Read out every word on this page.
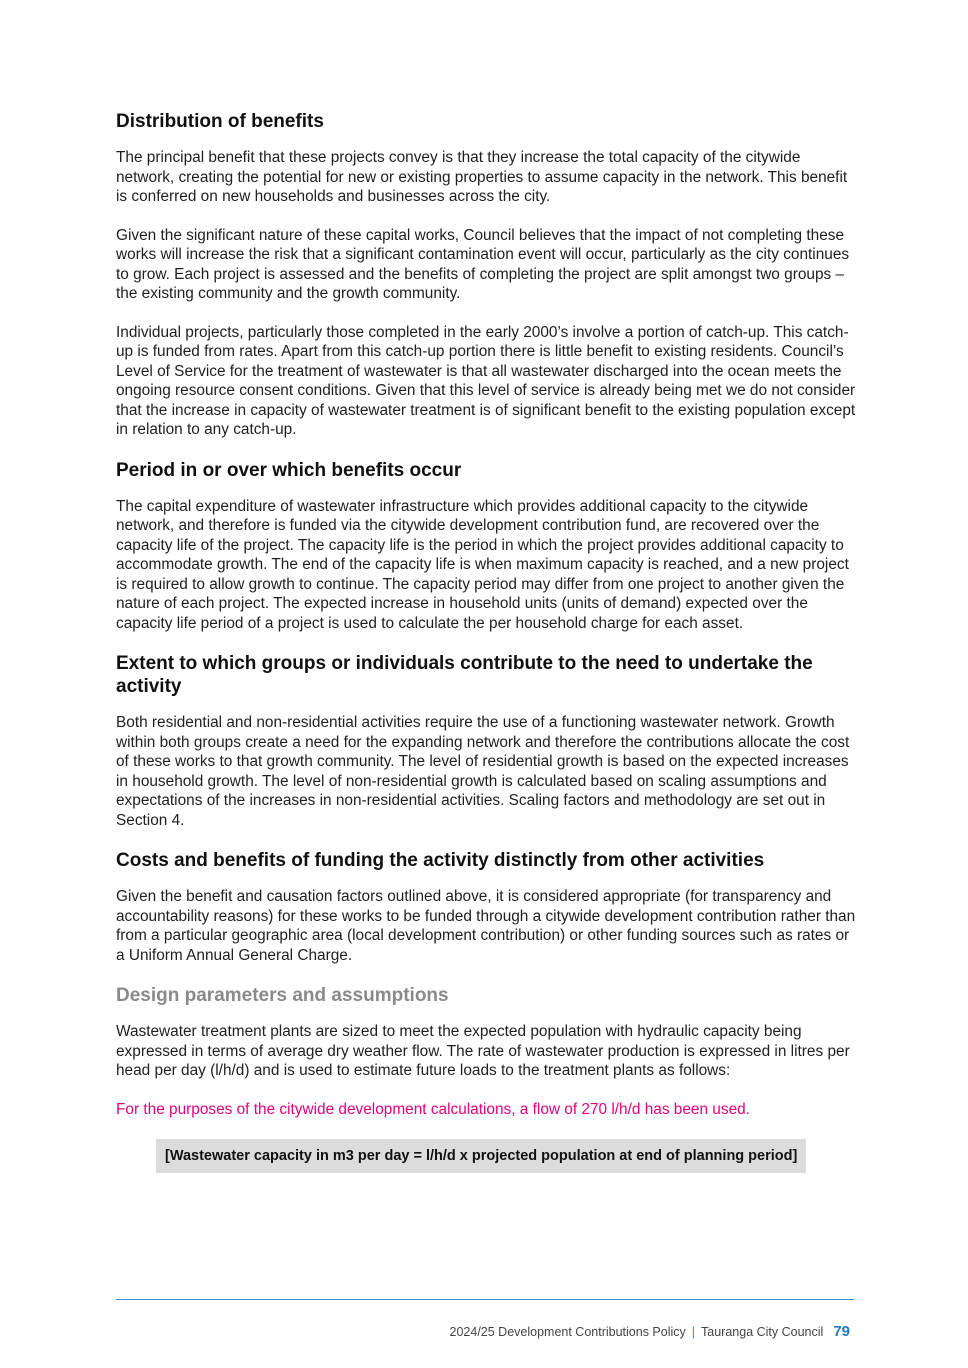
Distribution of benefits

The principal benefit that these projects convey is that they increase the total capacity of the citywide network, creating the potential for new or existing properties to assume capacity in the network. This benefit is conferred on new households and businesses across the city.

Given the significant nature of these capital works, Council believes that the impact of not completing these works will increase the risk that a significant contamination event will occur, particularly as the city continues to grow. Each project is assessed and the benefits of completing the project are split amongst two groups – the existing community and the growth community.

Individual projects, particularly those completed in the early 2000’s involve a portion of catch-up. This catch-up is funded from rates. Apart from this catch-up portion there is little benefit to existing residents. Council’s Level of Service for the treatment of wastewater is that all wastewater discharged into the ocean meets the ongoing resource consent conditions. Given that this level of service is already being met we do not consider that the increase in capacity of wastewater treatment is of significant benefit to the existing population except in relation to any catch-up.

Period in or over which benefits occur

The capital expenditure of wastewater infrastructure which provides additional capacity to the citywide network, and therefore is funded via the citywide development contribution fund, are recovered over the capacity life of the project. The capacity life is the period in which the project provides additional capacity to accommodate growth. The end of the capacity life is when maximum capacity is reached, and a new project is required to allow growth to continue. The capacity period may differ from one project to another given the nature of each project. The expected increase in household units (units of demand) expected over the capacity life period of a project is used to calculate the per household charge for each asset.

Extent to which groups or individuals contribute to the need to undertake the activity

Both residential and non-residential activities require the use of a functioning wastewater network. Growth within both groups create a need for the expanding network and therefore the contributions allocate the cost of these works to that growth community. The level of residential growth is based on the expected increases in household growth. The level of non-residential growth is calculated based on scaling assumptions and expectations of the increases in non-residential activities. Scaling factors and methodology are set out in Section 4.

Costs and benefits of funding the activity distinctly from other activities

Given the benefit and causation factors outlined above, it is considered appropriate (for transparency and accountability reasons) for these works to be funded through a citywide development contribution rather than from a particular geographic area (local development contribution) or other funding sources such as rates or a Uniform Annual General Charge.

Design parameters and assumptions

Wastewater treatment plants are sized to meet the expected population with hydraulic capacity being expressed in terms of average dry weather flow. The rate of wastewater production is expressed in litres per head per day (l/h/d) and is used to estimate future loads to the treatment plants as follows:

For the purposes of the citywide development calculations, a flow of 270 l/h/d has been used.

[Wastewater capacity in m3 per day = l/h/d x projected population at end of planning period]
2024/25 Development Contributions Policy | Tauranga City Council 79
